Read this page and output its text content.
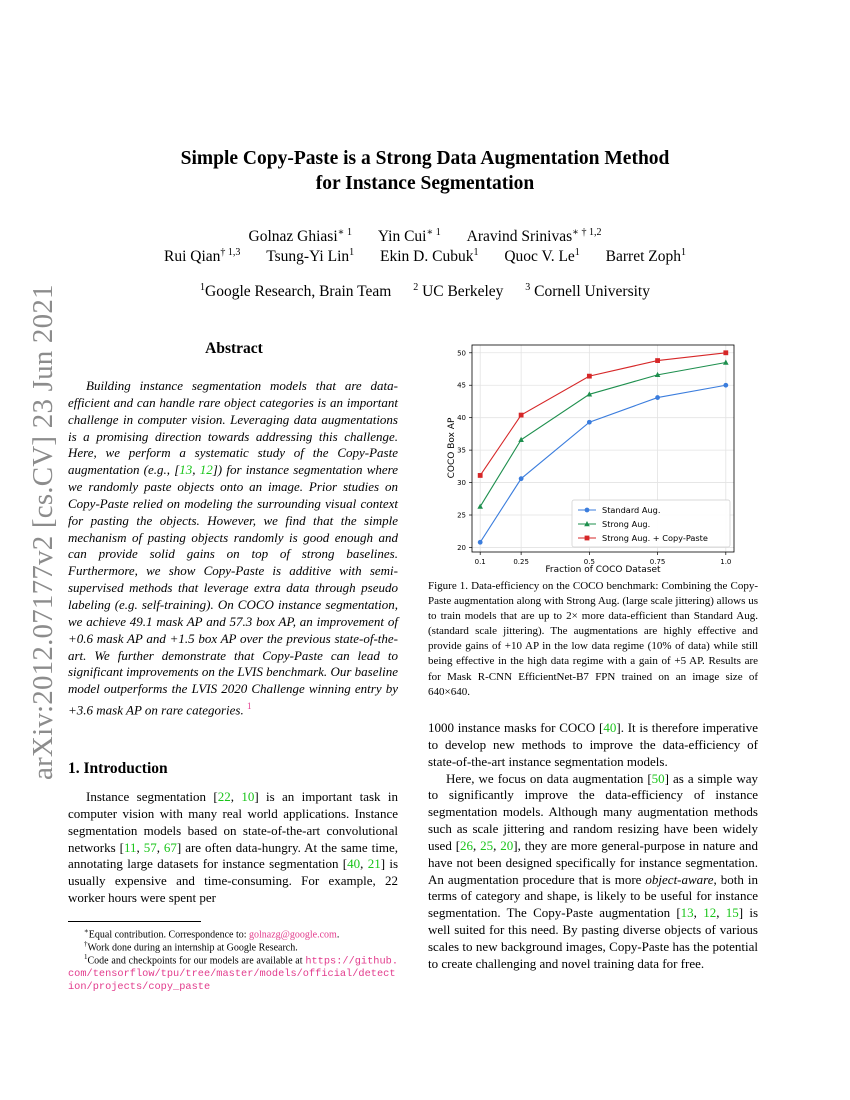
arXiv:2012.07177v2 [cs.CV] 23 Jun 2021
Simple Copy-Paste is a Strong Data Augmentation Method
for Instance Segmentation
Golnaz Ghiasi$^{∗ 1}$ Yin Cui$^{∗ 1}$ Aravind Srinivas$^{∗ \dagger 1,2}$
Rui Qian$^{\dagger 1,3}$ Tsung-Yi Lin$^1$ Ekin D. Cubuk$^1$ Quoc V. Le$^1$ Barret Zoph$^1$
$^1$Google Research, Brain Team $^2$ UC Berkeley $^3$ Cornell University
Abstract
Building instance segmentation models that are data-efficient and can handle rare object categories is an important challenge in computer vision. Leveraging data augmentations is a promising direction towards addressing this challenge. Here, we perform a systematic study of the Copy-Paste augmentation (e.g., [13, 12]) for instance segmentation where we randomly paste objects onto an image. Prior studies on Copy-Paste relied on modeling the surrounding visual context for pasting the objects. However, we find that the simple mechanism of pasting objects randomly is good enough and can provide solid gains on top of strong baselines. Furthermore, we show Copy-Paste is additive with semi-supervised methods that leverage extra data through pseudo labeling (e.g. self-training). On COCO instance segmentation, we achieve 49.1 mask AP and 57.3 box AP, an improvement of +0.6 mask AP and +1.5 box AP over the previous state-of-the-art. We further demonstrate that Copy-Paste can lead to significant improvements on the LVIS benchmark. Our baseline model outperforms the LVIS 2020 Challenge winning entry by +3.6 mask AP on rare categories. $^1$
1. Introduction
Instance segmentation [22, 10] is an important task in computer vision with many real world applications. Instance segmentation models based on state-of-the-art convolutional networks [11, 57, 67] are often data-hungry. At the same time, annotating large datasets for instance segmentation [40, 21] is usually expensive and time-consuming. For example, 22 worker hours were spent per
∗Equal contribution. Correspondence to: golnazg@google.com.
†Work done during an internship at Google Research.
$^1$Code and checkpoints for our models are available at https://github.com/tensorflow/tpu/tree/master/models/official/detection/projects/copy_paste
0.1	0.25	0.5	0.75	1.0
20
25
30
35
40
45
50
COCO Box AP
Fraction of COCO Dataset
Standard Aug.
Strong Aug.
Strong Aug. + Copy-Paste
Figure 1. Data-efficiency on the COCO benchmark: Combining the Copy-Paste augmentation along with Strong Aug. (large scale jittering) allows us to train models that are up to 2× more data-efficient than Standard Aug. (standard scale jittering). The augmentations are highly effective and provide gains of +10 AP in the low data regime (10% of data) while still being effective in the high data regime with a gain of +5 AP. Results are for Mask R-CNN EfficientNet-B7 FPN trained on an image size of 640×640.

1000 instance masks for COCO [40]. It is therefore imperative to develop new methods to improve the data-efficiency of state-of-the-art instance segmentation models.

Here, we focus on data augmentation [50] as a simple way to significantly improve the data-efficiency of instance segmentation models. Although many augmentation methods such as scale jittering and random resizing have been widely used [26, 25, 20], they are more general-purpose in nature and have not been designed specifically for instance segmentation. An augmentation procedure that is more object-aware, both in terms of category and shape, is likely to be useful for instance segmentation. The Copy-Paste augmentation [13, 12, 15] is well suited for this need. By pasting diverse objects of various scales to new background images, Copy-Paste has the potential to create challenging and novel training data for free.
